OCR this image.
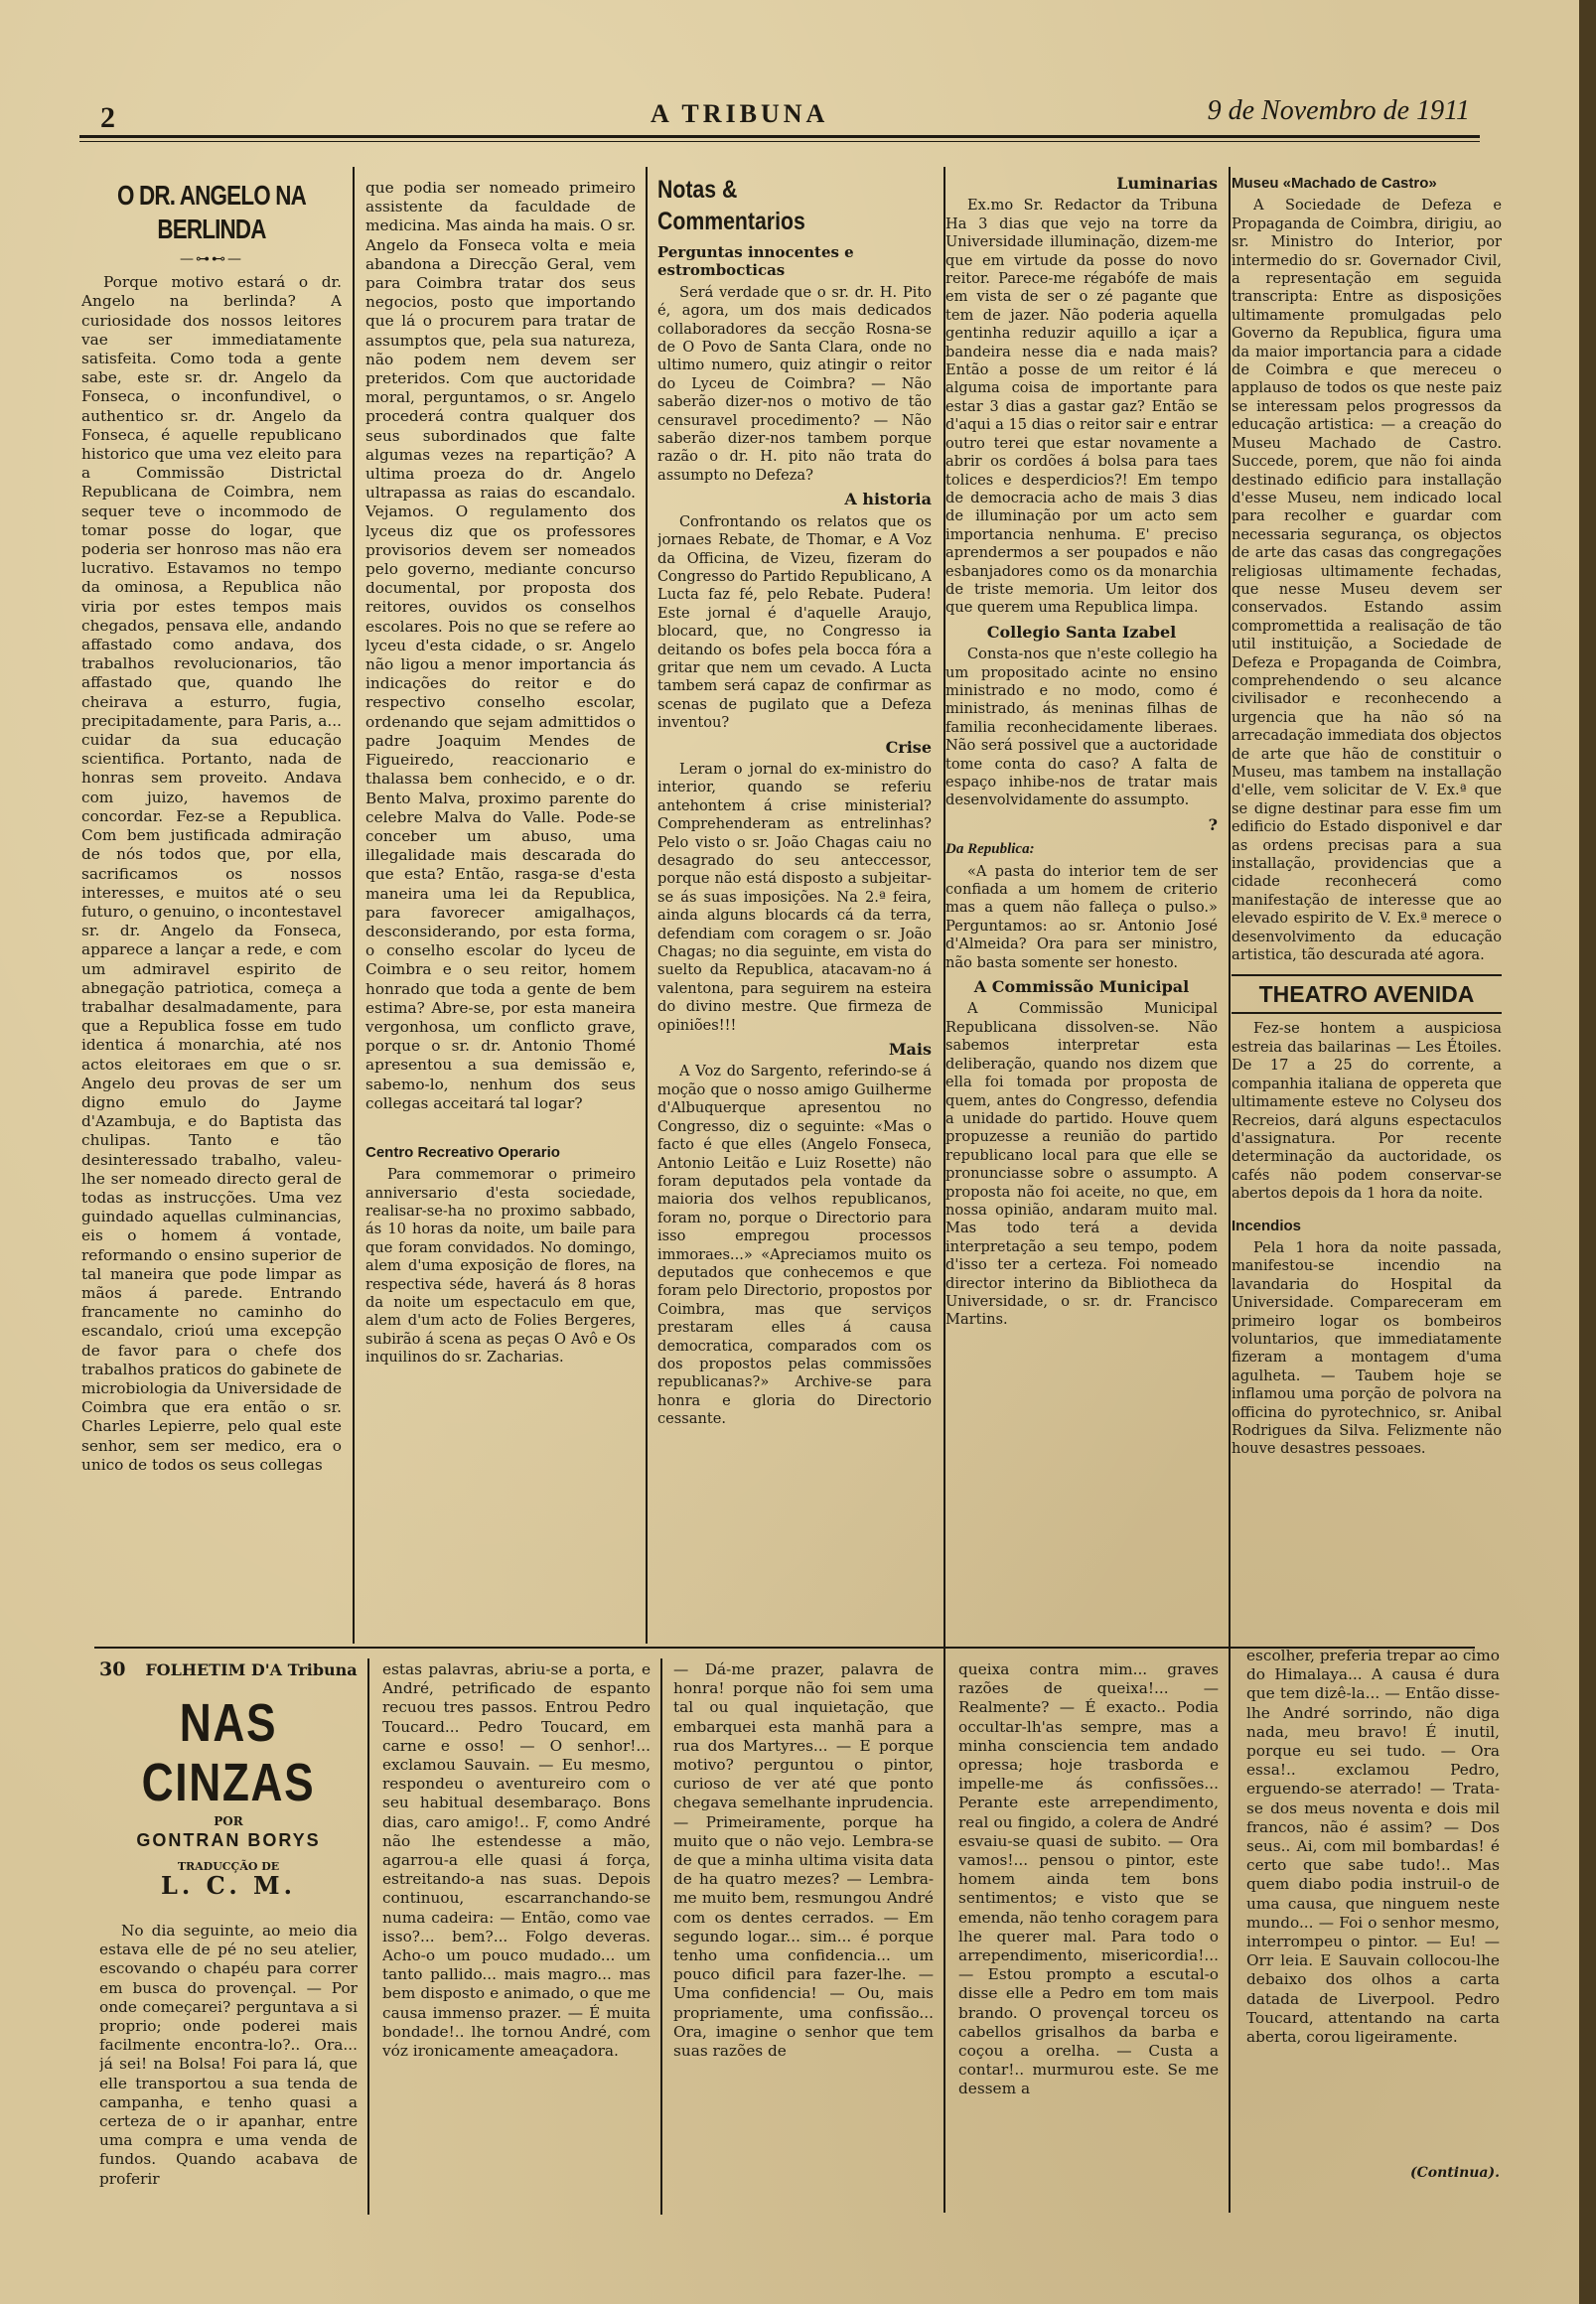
2	A TRIBUNA	9 de Novembro de 1911
O DR. ANGELO NA BERLINDA
—⊶⊷—

Porque motivo estará o dr. Angelo na berlinda? A curiosidade dos nossos leitores vae ser immediatamente satisfeita. Como toda a gente sabe, este sr. dr. Angelo da Fonseca, o inconfundivel, o authentico sr. dr. Angelo da Fonseca, é aquelle republicano historico que uma vez eleito para a Commissão Districtal Republicana de Coimbra, nem sequer teve o incommodo de tomar posse do logar, que poderia ser honroso mas não era lucrativo. Estavamos no tempo da ominosa, a Republica não viria por estes tempos mais chegados, pensava elle, andando affastado como andava, dos trabalhos revolucionarios, tão affastado que, quando lhe cheirava a esturro, fugia, precipitadamente, para Paris, a... cuidar da sua educação scientifica. Portanto, nada de honras sem proveito. Andava com juizo, havemos de concordar. Fez-se a Republica. Com bem justificada admiração de nós todos que, por ella, sacrificamos os nossos interesses, e muitos até o seu futuro, o genuino, o incontestavel sr. dr. Angelo da Fonseca, apparece a lançar a rede, e com um admiravel espirito de abnegação patriotica, começa a trabalhar desalmadamente, para que a Republica fosse em tudo identica á monarchia, até nos actos eleitoraes em que o sr. Angelo deu provas de ser um digno emulo do Jayme d'Azambuja, e do Baptista das chulipas. Tanto e tão desinteressado trabalho, valeu-lhe ser nomeado directo geral de todas as instrucções. Uma vez guindado aquellas culminancias, eis o homem á vontade, reformando o ensino superior de tal maneira que pode limpar as mãos á parede. Entrando francamente no caminho do escandalo, crioú uma excepção de favor para o chefe dos trabalhos praticos do gabinete de microbiologia da Universidade de Coimbra que era então o sr. Charles Lepierre, pelo qual este senhor, sem ser medico, era o unico de todos os seus collegas

que podia ser nomeado primeiro assistente da faculdade de medicina. Mas ainda ha mais. O sr. Angelo da Fonseca volta e meia abandona a Direcção Geral, vem para Coimbra tratar dos seus negocios, posto que importando que lá o procurem para tratar de assumptos que, pela sua natureza, não podem nem devem ser preteridos. Com que auctoridade moral, perguntamos, o sr. Angelo procederá contra qualquer dos seus subordinados que falte algumas vezes na repartição? A ultima proeza do dr. Angelo ultrapassa as raias do escandalo. Vejamos. O regulamento dos lyceus diz que os professores provisorios devem ser nomeados pelo governo, mediante concurso documental, por proposta dos reitores, ouvidos os conselhos escolares. Pois no que se refere ao lyceu d'esta cidade, o sr. Angelo não ligou a menor importancia ás indicações do reitor e do respectivo conselho escolar, ordenando que sejam admittidos o padre Joaquim Mendes de Figueiredo, reaccionario e thalassa bem conhecido, e o dr. Bento Malva, proximo parente do celebre Malva do Valle. Pode-se conceber um abuso, uma illegalidade mais descarada do que esta? Então, rasga-se d'esta maneira uma lei da Republica, para favorecer amigalhaços, desconsiderando, por esta forma, o conselho escolar do lyceu de Coimbra e o seu reitor, homem honrado que toda a gente de bem estima? Abre-se, por esta maneira vergonhosa, um conflicto grave, porque o sr. dr. Antonio Thomé apresentou a sua demissão e, sabemo-lo, nenhum dos seus collegas acceitará tal logar?

Centro Recreativo Operario

Para commemorar o primeiro anniversario d'esta sociedade, realisar-se-ha no proximo sabbado, ás 10 horas da noite, um baile para que foram convidados. No domingo, alem d'uma exposição de flores, na respectiva séde, haverá ás 8 horas da noite um espectaculo em que, alem d'um acto de Folies Bergeres, subirão á scena as peças O Avô e Os inquilinos do sr. Zacharias.

Notas & Commentarios
Perguntas innocentes e estrombocticas

Será verdade que o sr. dr. H. Pito é, agora, um dos mais dedicados collaboradores da secção Rosna-se de O Povo de Santa Clara, onde no ultimo numero, quiz atingir o reitor do Lyceu de Coimbra? — Não saberão dizer-nos o motivo de tão censuravel procedimento? — Não saberão dizer-nos tambem porque razão o dr. H. pito não trata do assumpto no Defeza?

A historia

Confrontando os relatos que os jornaes Rebate, de Thomar, e A Voz da Officina, de Vizeu, fizeram do Congresso do Partido Republicano, A Lucta faz fé, pelo Rebate. Pudera! Este jornal é d'aquelle Araujo, blocard, que, no Congresso ia deitando os bofes pela bocca fóra a gritar que nem um cevado. A Lucta tambem será capaz de confirmar as scenas de pugilato que a Defeza inventou?

Crise

Leram o jornal do ex-ministro do interior, quando se referiu antehontem á crise ministerial? Comprehenderam as entrelinhas? Pelo visto o sr. João Chagas caiu no desagrado do seu anteccessor, porque não está disposto a subjeitar-se ás suas imposições. Na 2.ª feira, ainda alguns blocards cá da terra, defendiam com coragem o sr. João Chagas; no dia seguinte, em vista do suelto da Republica, atacavam-no á valentona, para seguirem na esteira do divino mestre. Que firmeza de opiniões!!!

Mais

A Voz do Sargento, referindo-se á moção que o nosso amigo Guilherme d'Albuquerque apresentou no Congresso, diz o seguinte: «Mas o facto é que elles (Angelo Fonseca, Antonio Leitão e Luiz Rosette) não foram deputados pela vontade da maioria dos velhos republicanos, foram no, porque o Directorio para isso empregou processos immoraes...» «Apreciamos muito os deputados que conhecemos e que foram pelo Directorio, propostos por Coimbra, mas que serviços prestaram elles á causa democratica, comparados com os dos propostos pelas commissões republicanas?» Archive-se para honra e gloria do Directorio cessante.

Luminarias

Ex.mo Sr. Redactor da Tribuna Ha 3 dias que vejo na torre da Universidade illuminação, dizem-me que em virtude da posse do novo reitor. Parece-me régabófe de mais em vista de ser o zé pagante que tem de jazer. Não poderia aquella gentinha reduzir aquillo a içar a bandeira nesse dia e nada mais? Então a posse de um reitor é lá alguma coisa de importante para estar 3 dias a gastar gaz? Então se d'aqui a 15 dias o reitor sair e entrar outro terei que estar novamente a abrir os cordões á bolsa para taes tolices e desperdicios?! Em tempo de democracia acho de mais 3 dias de illuminação por um acto sem importancia nenhuma. E' preciso aprendermos a ser poupados e não esbanjadores como os da monarchia de triste memoria. Um leitor dos que querem uma Republica limpa.

Collegio Santa Izabel

Consta-nos que n'este collegio ha um propositado acinte no ensino ministrado e no modo, como é ministrado, ás meninas filhas de familia reconhecidamente liberaes. Não será possivel que a auctoridade tome conta do caso? A falta de espaço inhibe-nos de tratar mais desenvolvidamente do assumpto.

?
Da Republica:

«A pasta do interior tem de ser confiada a um homem de criterio mas a quem não falleça o pulso.» Perguntamos: ao sr. Antonio José d'Almeida? Ora para ser ministro, não basta somente ser honesto.

A Commissão Municipal

A Commissão Municipal Republicana dissolven-se. Não sabemos interpretar esta deliberação, quando nos dizem que ella foi tomada por proposta de quem, antes do Congresso, defendia a unidade do partido. Houve quem propuzesse a reunião do partido republicano local para que elle se pronunciasse sobre o assumpto. A proposta não foi aceite, no que, em nossa opinião, andaram muito mal. Mas todo terá a devida interpretação a seu tempo, podem d'isso ter a certeza. Foi nomeado director interino da Bibliotheca da Universidade, o sr. dr. Francisco Martins.

Museu «Machado de Castro»

A Sociedade de Defeza e Propaganda de Coimbra, dirigiu, ao sr. Ministro do Interior, por intermedio do sr. Governador Civil, a representação em seguida transcripta: Entre as disposições ultimamente promulgadas pelo Governo da Republica, figura uma da maior importancia para a cidade de Coimbra e que mereceu o applauso de todos os que neste paiz se interessam pelos progressos da educação artistica: — a creação do Museu Machado de Castro. Succede, porem, que não foi ainda destinado edificio para installação d'esse Museu, nem indicado local para recolher e guardar com necessaria segurança, os objectos de arte das casas das congregações religiosas ultimamente fechadas, que nesse Museu devem ser conservados. Estando assim compromettida a realisação de tão util instituição, a Sociedade de Defeza e Propaganda de Coimbra, comprehendendo o seu alcance civilisador e reconhecendo a urgencia que ha não só na arrecadação immediata dos objectos de arte que hão de constituir o Museu, mas tambem na installação d'elle, vem solicitar de V. Ex.ª que se digne destinar para esse fim um edificio do Estado disponivel e dar as ordens precisas para a sua installação, providencias que a cidade reconhecerá como manifestação de interesse que ao elevado espirito de V. Ex.ª merece o desenvolvimento da educação artistica, tão descurada até agora.

THEATRO AVENIDA

Fez-se hontem a auspiciosa estreia das bailarinas — Les Étoiles. De 17 a 25 do corrente, a companhia italiana de oppereta que ultimamente esteve no Colyseu dos Recreios, dará alguns espectaculos d'assignatura. Por recente determinação da auctoridade, os cafés não podem conservar-se abertos depois da 1 hora da noite.

Incendios

Pela 1 hora da noite passada, manifestou-se incendio na lavandaria do Hospital da Universidade. Compareceram em primeiro logar os bombeiros voluntarios, que immediatamente fizeram a montagem d'uma agulheta. — Taubem hoje se inflamou uma porção de polvora na officina do pyrotechnico, sr. Anibal Rodrigues da Silva. Felizmente não houve desastres pessoaes.

30 FOLHETIM D'A Tribuna
NAS CINZAS
POR
GONTRAN BORYS
TRADUCÇÃO DE
L. C. M.

No dia seguinte, ao meio dia estava elle de pé no seu atelier, escovando o chapéu para correr em busca do provençal. — Por onde começarei? perguntava a si proprio; onde poderei mais facilmente encontra-lo?.. Ora... já sei! na Bolsa! Foi para lá, que elle transportou a sua tenda de campanha, e tenho quasi a certeza de o ir apanhar, entre uma compra e uma venda de fundos. Quando acabava de proferir

estas palavras, abriu-se a porta, e André, petrificado de espanto recuou tres passos. Entrou Pedro Toucard... Pedro Toucard, em carne e osso! — O senhor!... exclamou Sauvain. — Eu mesmo, respondeu o aventureiro com o seu habitual desembaraço. Bons dias, caro amigo!.. F, como André não lhe estendesse a mão, agarrou-a elle quasi á força, estreitando-a nas suas. Depois continuou, escarranchando-se numa cadeira: — Então, como vae isso?... bem?... Folgo deveras. Acho-o um pouco mudado... um tanto pallido... mais magro... mas bem disposto e animado, o que me causa immenso prazer. — É muita bondade!.. lhe tornou André, com vóz ironicamente ameaçadora.

— Dá-me prazer, palavra de honra! porque não foi sem uma tal ou qual inquietação, que embarquei esta manhã para a rua dos Martyres... — E porque motivo? perguntou o pintor, curioso de ver até que ponto chegava semelhante inprudencia. — Primeiramente, porque ha muito que o não vejo. Lembra-se de que a minha ultima visita data de ha quatro mezes? — Lembra-me muito bem, resmungou André com os dentes cerrados. — Em segundo logar... sim... é porque tenho uma confidencia... um pouco dificil para fazer-lhe. — Uma confidencia! — Ou, mais propriamente, uma confissão... Ora, imagine o senhor que tem suas razões de

queixa contra mim... graves razões de queixa!... — Realmente? — É exacto.. Podia occultar-lh'as sempre, mas a minha consciencia tem andado opressa; hoje trasborda e impelle-me ás confissões... Perante este arrependimento, real ou fingido, a colera de André esvaiu-se quasi de subito. — Ora vamos!... pensou o pintor, este homem ainda tem bons sentimentos; e visto que se emenda, não tenho coragem para lhe querer mal. Para todo o arrependimento, misericordia!... — Estou prompto a escutal-o disse elle a Pedro em tom mais brando. O provençal torceu os cabellos grisalhos da barba e coçou a orelha. — Custa a contar!.. murmurou este. Se me dessem a

escolher, preferia trepar ao cimo do Himalaya... A causa é dura que tem dizê-la... — Então disse-lhe André sorrindo, não diga nada, meu bravo! É inutil, porque eu sei tudo. — Ora essa!.. exclamou Pedro, erguendo-se aterrado! — Trata-se dos meus noventa e dois mil francos, não é assim? — Dos seus.. Ai, com mil bombardas! é certo que sabe tudo!.. Mas quem diabo podia instruil-o de uma causa, que ninguem neste mundo... — Foi o senhor mesmo, interrompeu o pintor. — Eu! — Orr leia. E Sauvain collocou-lhe debaixo dos olhos a carta datada de Liverpool. Pedro Toucard, attentando na carta aberta, corou ligeiramente.

(Continua).
